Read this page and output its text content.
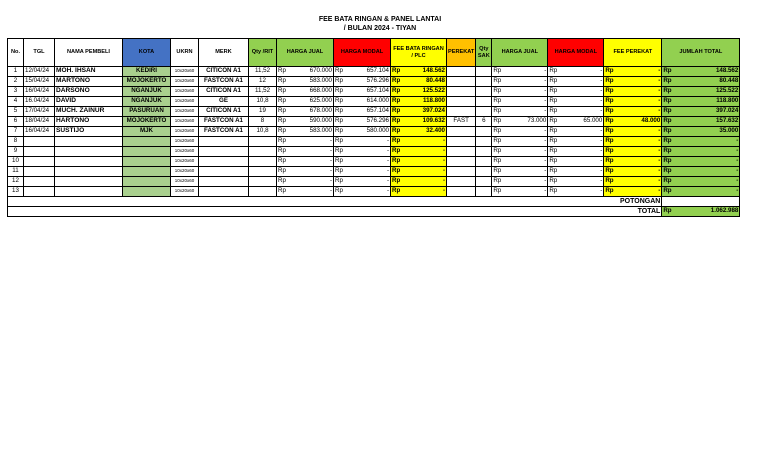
FEE BATA RINGAN & PANEL LANTAI
/ BULAN 2024 - TIYAN
No.	TGL	NAMA PEMBELI	KOTA	UKRN	MERK	Qty /RIT	HARGA JUAL	HARGA MODAL	FEE BATA RINGAN / PLC	PEREKAT	Qty SAK	HARGA JUAL	HARGA MODAL	FEE PEREKAT	JUMLAH TOTAL
1	12/04/24	MOH. IHSAN	KEDIRI	10x20x60	CITICON A1	11,52	Rp 670.000	Rp 657.104	Rp 148.562			Rp -	Rp -	Rp -	Rp 148.562

2	15/04/24	MARTONO	MOJOKERTO	10x20x60	FASTCON A1	12	Rp 583.000	Rp 576.296	Rp 80.448			Rp -	Rp -	Rp -	Rp 80.448

3	16/04/24	DARSONO	NGANJUK	10x20x60	CITICON A1	11,52	Rp 668.000	Rp 657.104	Rp 125.522			Rp -	Rp -	Rp -	Rp 125.522

4	16.04/24	DAVID	NGANJUK	10x20x60	GE	10,8	Rp 625.000	Rp 614.000	Rp 118.800			Rp -	Rp -	Rp -	Rp 118.800

5	17/04/24	MUCH. ZAINUR	PASURUAN	10x20x60	CITICON A1	19	Rp 678.000	Rp 657.104	Rp 397.024			Rp -	Rp -	Rp -	Rp 397.024

6	18/04/24	HARTONO	MOJOKERTO	10x20x60	FASTCON A1	8	Rp 590.000	Rp 576.296	Rp 109.632	FAST	6	Rp 73.000	Rp 65.000	Rp 48.000	Rp 157.632

7	16/04/24	SUSTIJO	MJK	10x20x60	FASTCON A1	10,8	Rp 583.000	Rp 580.000	Rp 32.400			Rp -	Rp -	Rp -	Rp 35.000

8				10x20x60			Rp -	Rp -	Rp -			Rp -	Rp -	Rp -	Rp -

9				10x20x60			Rp -	Rp -	Rp -			Rp -	Rp -	Rp -	Rp -

10				10x20x60			Rp -	Rp -	Rp -			Rp -	Rp -	Rp -	Rp -

11				10x20x60			Rp -	Rp -	Rp -			Rp -	Rp -	Rp -	Rp -

12				10x20x60			Rp -	Rp -	Rp -			Rp -	Rp -	Rp -	Rp -

13				10x20x60			Rp -	Rp -	Rp -			Rp -	Rp -	Rp -	Rp -

POTONGAN															
TOTAL															Rp 1.062.988
